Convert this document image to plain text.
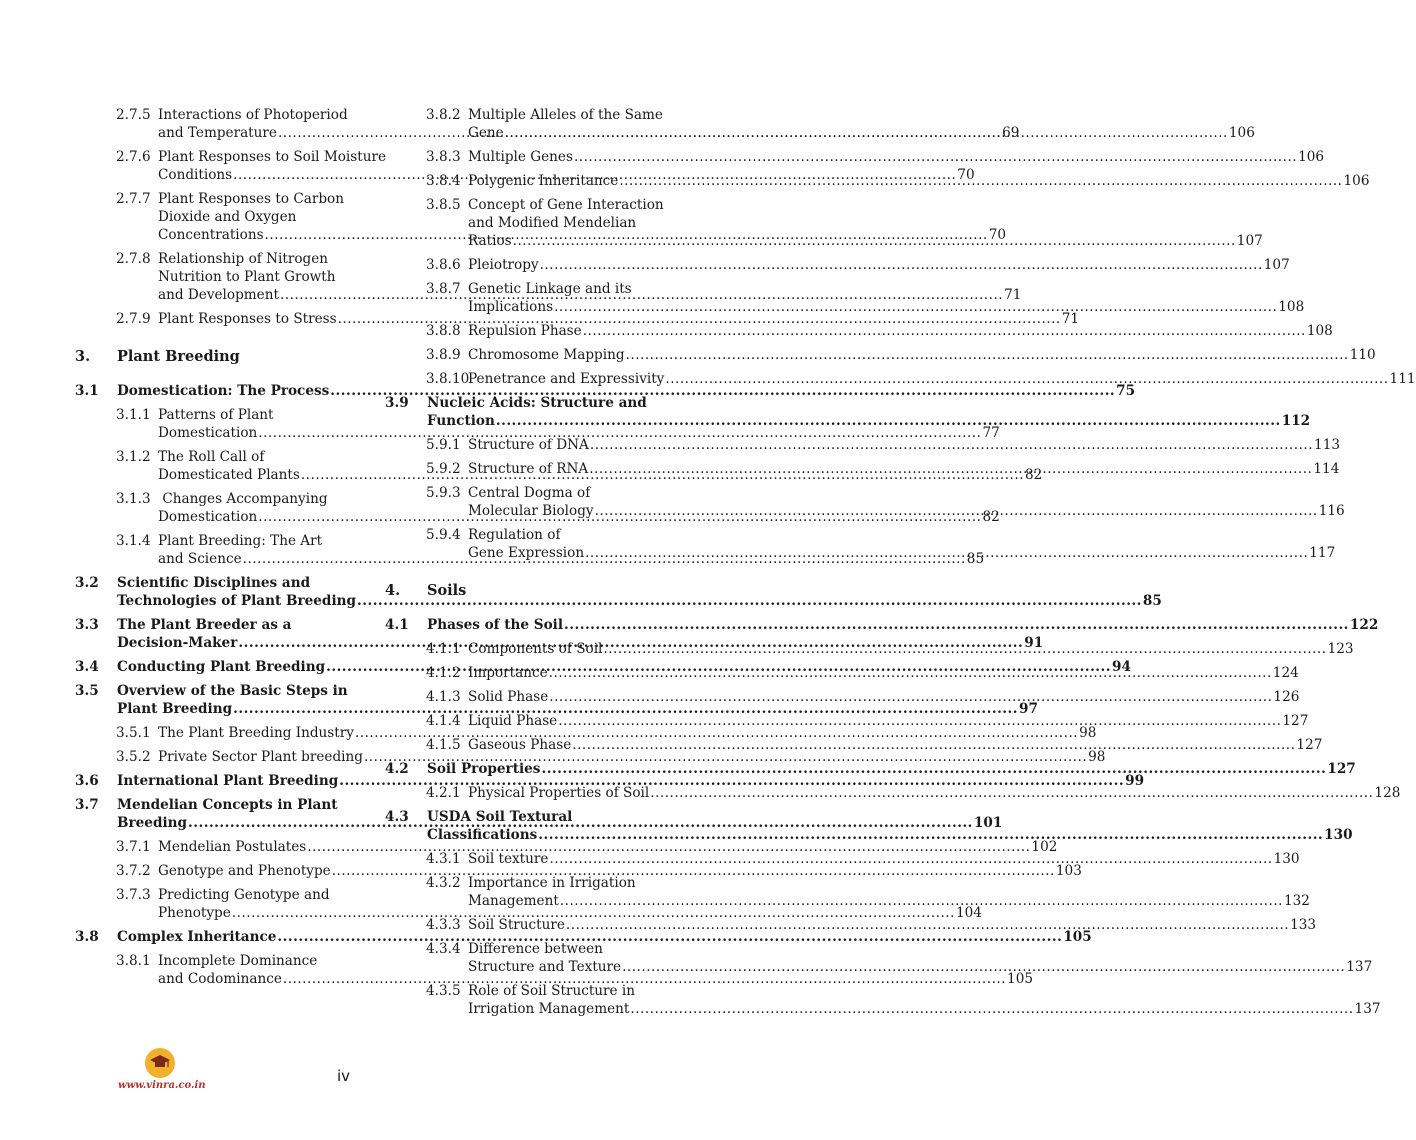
2.7.5 Interactions of Photoperiod
and Temperature .....	69
2.7.6 Plant Responses to Soil Moisture
Conditions .....	70
2.7.7 Plant Responses to Carbon
Dioxide and Oxygen
Concentrations .....	70
2.7.8 Relationship of Nitrogen
Nutrition to Plant Growth
and Development .....	71
2.7.9 Plant Responses to Stress .....	71
3.1	Domestication: The Process .....	75
3.1.1 Patterns of Plant
Domestication .....	77
3.1.2 The Roll Call of
Domesticated Plants .....	82
3.1.3 Changes Accompanying
Domestication .....	82
3.1.4 Plant Breeding: The Art
and Science .....	85
3.2	Scientific Disciplines and
Technologies of Plant Breeding .....	85
3.3	The Plant Breeder as a
Decision-Maker .....	91
3.4	Conducting Plant Breeding .....	94
3.5	Overview of the Basic Steps in
Plant Breeding .....	97
3.5.1 The Plant Breeding Industry .....	98
3.5.2 Private Sector Plant breeding .....	98
3.6	International Plant Breeding .....	99
3.7	Mendelian Concepts in Plant
Breeding .....	101
3.7.1 Mendelian Postulates .....	102
3.7.2 Genotype and Phenotype .....	103
3.7.3 Predicting Genotype and
Phenotype .....	104
3.8	Complex Inheritance .....	105
3.8.1 Incomplete Dominance
and Codominance .....	105
3.8.2 Multiple Alleles of the Same
Gene .....	106
3.8.3 Multiple Genes .....	106
3.8.4 Polygenic Inheritance .....	106
3.8.5 Concept of Gene Interaction
and Modified Mendelian
Ratios .....	107
3.8.6 Pleiotropy .....	107
3.8.7 Genetic Linkage and its
Implications .....	108
3.8.8 Repulsion Phase .....	108
3.8.9 Chromosome Mapping .....	110
3.8.10
Penetrance and Expressivity .....	111
3.9	Nucleic Acids: Structure and
Function .....	112
5.9.1 Structure of DNA .....	113
5.9.2 Structure of RNA .....	114
5.9.3 Central Dogma of
Molecular Biology .....	116
5.9.4 Regulation of
Gene Expression .....	117
4.1	Phases of the Soil .....	122
4.1.1 Components of Soil .....	123
4.1.2 Importance .....	124
4.1.3 Solid Phase .....	126
4.1.4 Liquid Phase .....	127
4.1.5 Gaseous Phase .....	127
4.2	Soil Properties .....	127
4.2.1 Physical Properties of Soil .....	128
4.3	USDA Soil Textural
Classifications .....	130
4.3.1 Soil texture .....	130
4.3.2 Importance in Irrigation
Management .....	132
4.3.3 Soil Structure .....	133
4.3.4 Difference between
Structure and Texture .....	137
4.3.5 Role of Soil Structure in
Irrigation Management .....	137
3. Plant Breeding
4. Soils
www.vinra.co.in
iv
